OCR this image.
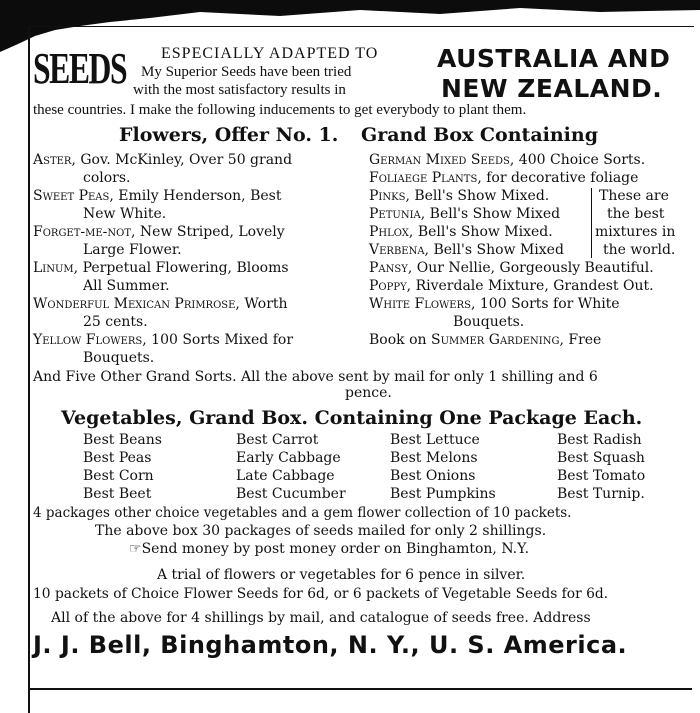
SEEDS ESPECIALLY ADAPTED TO
My Superior Seeds have been tried
with the most satisfactory results in
AUSTRALIA AND
NEW ZEALAND.
these countries. I make the following inducements to get everybody to plant them.
Flowers, Offer No. 1. Grand Box Containing
Aster, Gov. McKinley, Over 50 grand
colors.
Sweet Peas, Emily Henderson, Best
New White.
Forget-me-not, New Striped, Lovely
Large Flower.
Linum, Perpetual Flowering, Blooms
All Summer.
Wonderful Mexican Primrose, Worth
25 cents.
Yellow Flowers, 100 Sorts Mixed for
Bouquets.
German Mixed Seeds, 400 Choice Sorts.
Foliaege Plants, for decorative foliage
Pinks, Bell's Show Mixed.
Petunia, Bell's Show Mixed
Phlox, Bell's Show Mixed.
Verbena, Bell's Show Mixed
These are
the best
mixtures in
the world.
Pansy, Our Nellie, Gorgeously Beautiful.
Poppy, Riverdale Mixture, Grandest Out.
White Flowers, 100 Sorts for White
Bouquets.
Book on Summer Gardening, Free
And Five Other Grand Sorts. All the above sent by mail for only 1 shilling and 6
pence.
Vegetables, Grand Box. Containing One Package Each.
Best Beans
Best Peas
Best Corn
Best Beet
Best Carrot
Early Cabbage
Late Cabbage
Best Cucumber
Best Lettuce
Best Melons
Best Onions
Best Pumpkins
Best Radish
Best Squash
Best Tomato
Best Turnip.
4 packages other choice vegetables and a gem flower collection of 10 packets.
The above box 30 packages of seeds mailed for only 2 shillings.
☞Send money by post money order on Binghamton, N.Y.
A trial of flowers or vegetables for 6 pence in silver.
10 packets of Choice Flower Seeds for 6d, or 6 packets of Vegetable Seeds for 6d.
All of the above for 4 shillings by mail, and catalogue of seeds free. Address
J. J. Bell, Binghamton, N. Y., U. S. America.
